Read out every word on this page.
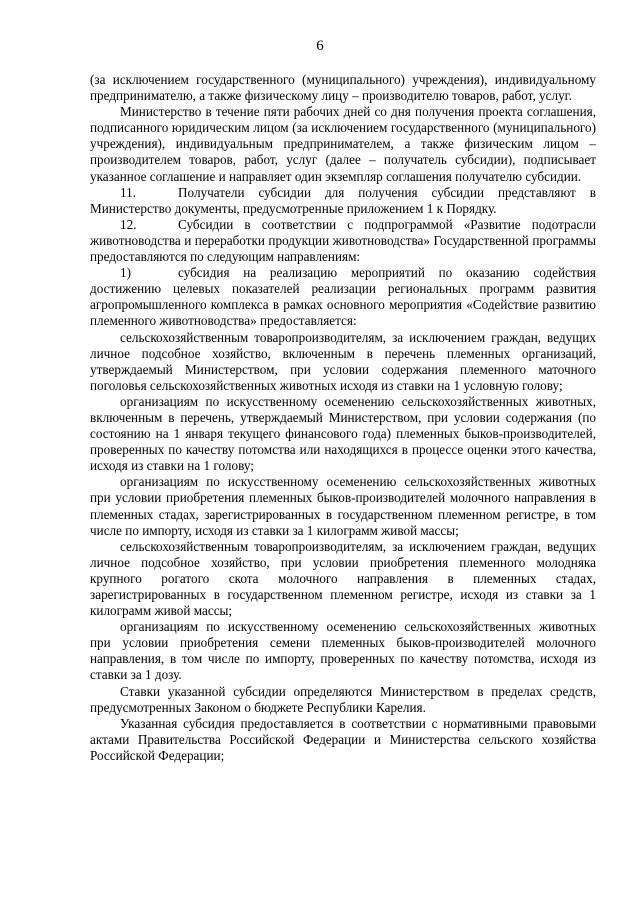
6

(за исключением государственного (муниципального) учреждения), индивидуальному предпринимателю, а также физическому лицу – производителю товаров, работ, услуг.

Министерство в течение пяти рабочих дней со дня получения проекта соглашения, подписанного юридическим лицом (за исключением государственного (муниципального) учреждения), индивидуальным предпринимателем, а также физическим лицом – производителем товаров, работ, услуг (далее – получатель субсидии), подписывает указанное соглашение и направляет один экземпляр соглашения получателю субсидии.

11.	Получатели субсидии для получения субсидии представляют в Министерство документы, предусмотренные приложением 1 к Порядку.

12.	Субсидии в соответствии с подпрограммой «Развитие подотрасли животноводства и переработки продукции животноводства» Государственной программы предоставляются по следующим направлениям:

1)	субсидия на реализацию мероприятий по оказанию содействия достижению целевых показателей реализации региональных программ развития агропромышленного комплекса в рамках основного мероприятия «Содействие развитию племенного животноводства» предоставляется:

сельскохозяйственным товаропроизводителям, за исключением граждан, ведущих личное подсобное хозяйство, включенным в перечень племенных организаций, утверждаемый Министерством, при условии содержания племенного маточного поголовья сельскохозяйственных животных исходя из ставки на 1 условную голову;

организациям по искусственному осеменению сельскохозяйственных животных, включенным в перечень, утверждаемый Министерством, при условии содержания (по состоянию на 1 января текущего финансового года) племенных быков-производителей, проверенных по качеству потомства или находящихся в процессе оценки этого качества, исходя из ставки на 1 голову;

организациям по искусственному осеменению сельскохозяйственных животных при условии приобретения племенных быков-производителей молочного направления в племенных стадах, зарегистрированных в государственном племенном регистре, в том числе по импорту, исходя из ставки за 1 килограмм живой массы;

сельскохозяйственным товаропроизводителям, за исключением граждан, ведущих личное подсобное хозяйство, при условии приобретения племенного молодняка крупного рогатого скота молочного направления в племенных стадах, зарегистрированных в государственном племенном регистре, исходя из ставки за 1 килограмм живой массы;

организациям по искусственному осеменению сельскохозяйственных животных при условии приобретения семени племенных быков-производителей молочного направления, в том числе по импорту, проверенных по качеству потомства, исходя из ставки за 1 дозу.

Ставки указанной субсидии определяются Министерством в пределах средств, предусмотренных Законом о бюджете Республики Карелия.

Указанная субсидия предоставляется в соответствии с нормативными правовыми актами Правительства Российской Федерации и Министерства сельского хозяйства Российской Федерации;
